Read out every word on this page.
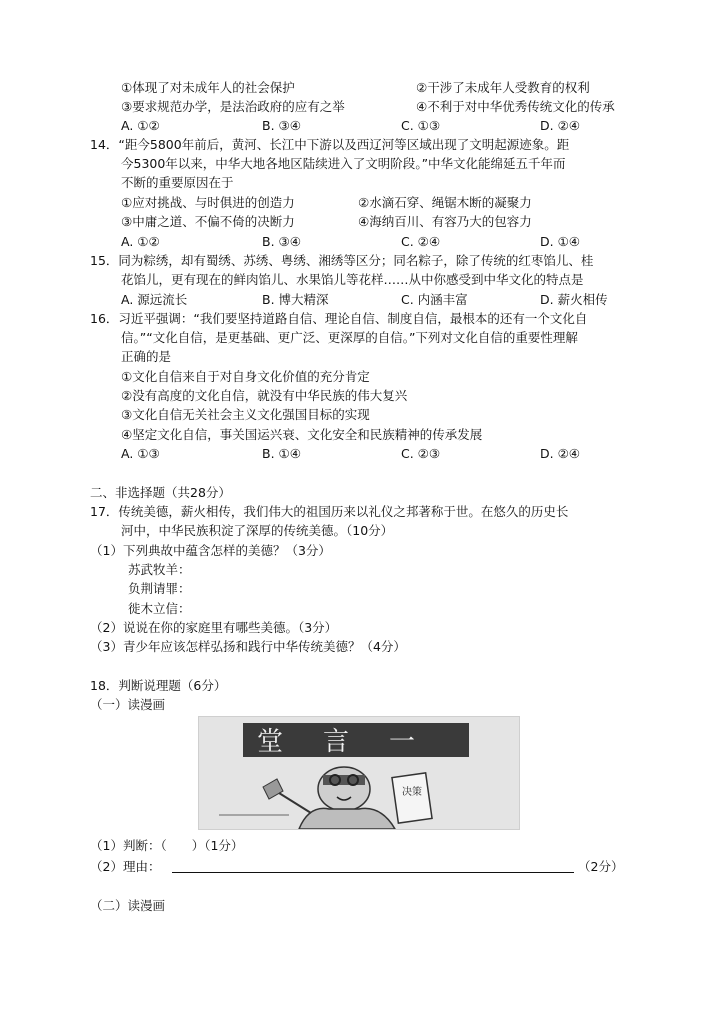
①体现了对未成年人的社会保护	②干涉了未成年人受教育的权利
③要求规范办学，是法治政府的应有之举	④不利于对中华优秀传统文化的传承
A. ①②	B. ③④	C. ①③	D. ②④
14．“距今5800年前后，黄河、长江中下游以及西辽河等区域出现了文明起源迹象。距
今5300年以来，中华大地各地区陆续进入了文明阶段。”中华文化能绵延五千年而
不断的重要原因在于
①应对挑战、与时俱进的创造力	②水滴石穿、绳锯木断的凝聚力
③中庸之道、不偏不倚的决断力	④海纳百川、有容乃大的包容力
A. ①②	B. ③④	C. ②④	D. ①④
15．同为粽绣，却有蜀绣、苏绣、粤绣、湘绣等区分；同名粽子，除了传统的红枣馅儿、桂
花馅儿，更有现在的鲜肉馅儿、水果馅儿等花样……从中你感受到中华文化的特点是
A. 源远流长	B. 博大精深	C. 内涵丰富	D. 薪火相传
16．习近平强调：“我们要坚持道路自信、理论自信、制度自信，最根本的还有一个文化自
信。”“文化自信，是更基础、更广泛、更深厚的自信。”下列对文化自信的重要性理解
正确的是
①文化自信来自于对自身文化价值的充分肯定
②没有高度的文化自信，就没有中华民族的伟大复兴
③文化自信无关社会主义文化强国目标的实现
④坚定文化自信，事关国运兴衰、文化安全和民族精神的传承发展
A. ①③	B. ①④	C. ②③	D. ②④
二、非选择题（共28分）
17．传统美德，薪火相传，我们伟大的祖国历来以礼仪之邦著称于世。在悠久的历史长
河中，中华民族积淀了深厚的传统美德。（10分）
（1）下列典故中蕴含怎样的美德？（3分）
苏武牧羊：
负荆请罪：
徙木立信：
（2）说说在你的家庭里有哪些美德。（3分）
（3）青少年应该怎样弘扬和践行中华传统美德？（4分）
18．判断说理题（6分）
（一）读漫画
堂言一
决策
（1）判断：（　　）（1分）
（2）理由：	（2分）
（二）读漫画
